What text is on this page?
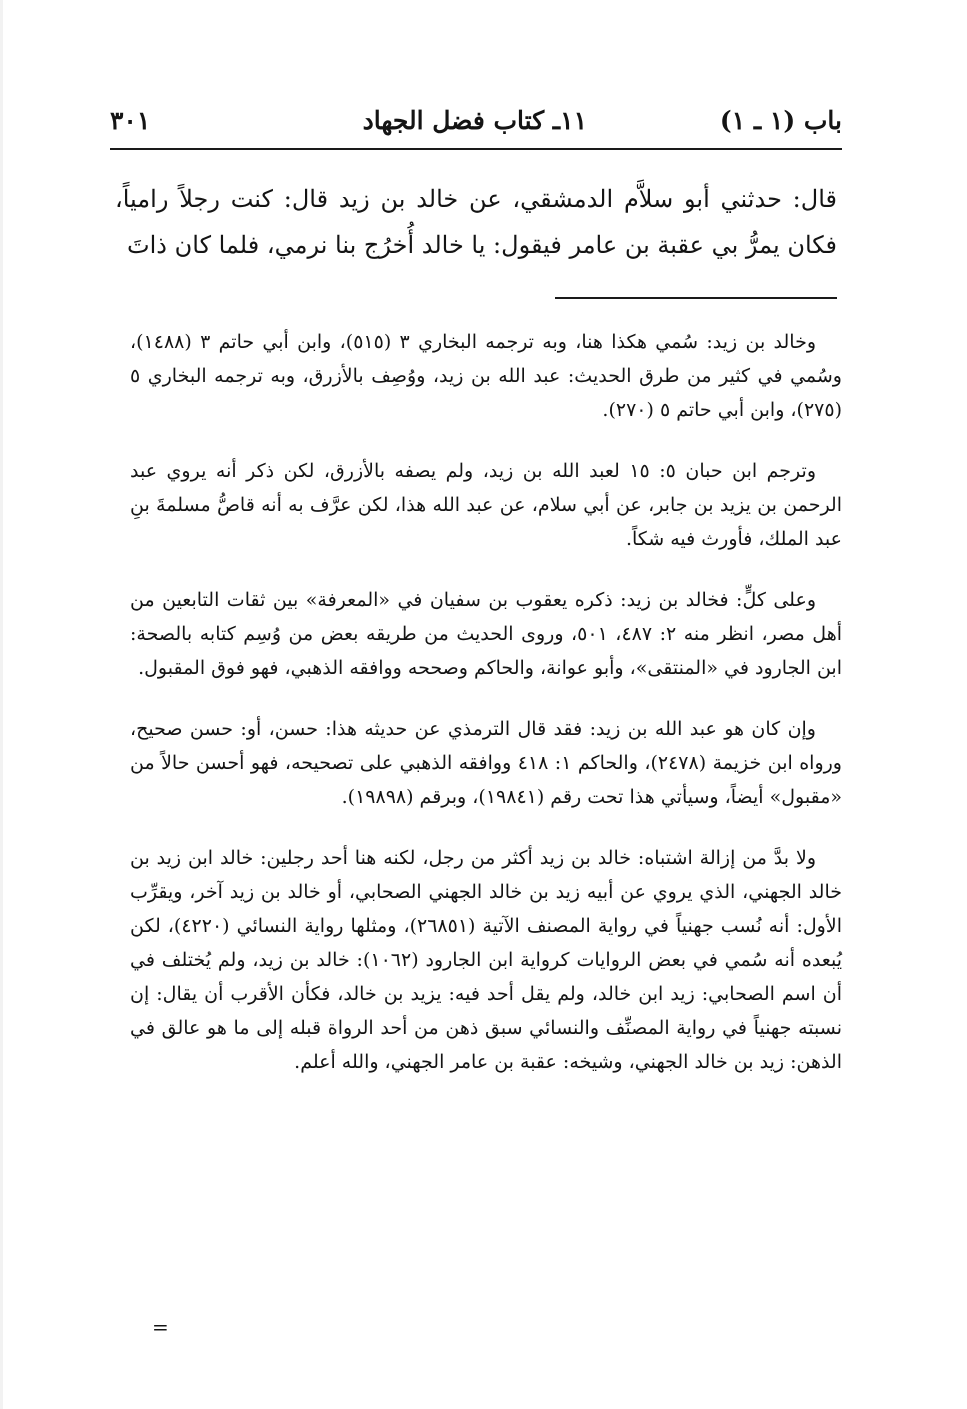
باب (١ ـ ١)
١١ـ كتاب فضل الجهاد
٣٠١

قال: حدثني أبو سلاَّم الدمشقي، عن خالد بن زيد قال: كنت رجلاً رامياً، فكان يمرُّ بي عقبة بن عامر فيقول: يا خالد أُخرُج بنا نرمي، فلما كان ذاتَ

وخالد بن زيد: سُمي هكذا هنا، وبه ترجمه البخاري ٣ (٥١٥)، وابن أبي حاتم ٣ (١٤٨٨)، وسُمي في كثير من طرق الحديث: عبد الله بن زيد، ووُصِف بالأزرق، وبه ترجمه البخاري ٥ (٢٧٥)، وابن أبي حاتم ٥ (٢٧٠).

وترجم ابن حبان ٥: ١٥ لعبد الله بن زيد، ولم يصفه بالأزرق، لكن ذكر أنه يروي عبد الرحمن بن يزيد بن جابر، عن أبي سلام، عن عبد الله هذا، لكن عرَّف به أنه قاصُّ مسلمةَ بنِ عبد الملك، فأورث فيه شكاً.

وعلى كلٍّ: فخالد بن زيد: ذكره يعقوب بن سفيان في «المعرفة» بين ثقات التابعين من أهل مصر، انظر منه ٢: ٤٨٧، ٥٠١، وروى الحديث من طريقه بعض من وُسِم كتابه بالصحة: ابن الجارود في «المنتقى»، وأبو عوانة، والحاكم وصححه ووافقه الذهبي، فهو فوق المقبول.

وإن كان هو عبد الله بن زيد: فقد قال الترمذي عن حديثه هذا: حسن، أو: حسن صحيح، ورواه ابن خزيمة (٢٤٧٨)، والحاكم ١: ٤١٨ ووافقه الذهبي على تصحيحه، فهو أحسن حالاً من «مقبول» أيضاً، وسيأتي هذا تحت رقم (١٩٨٤١)، وبرقم (١٩٨٩٨).

ولا بدَّ من إزالة اشتباه: خالد بن زيد أكثر من رجل، لكنه هنا أحد رجلين: خالد ابن زيد بن خالد الجهني، الذي يروي عن أبيه زيد بن خالد الجهني الصحابي، أو خالد بن زيد آخر، ويقرِّب الأول: أنه نُسب جهنياً في رواية المصنف الآتية (٢٦٨٥١)، ومثلها رواية النسائي (٤٢٢٠)، لكن يُبعده أنه سُمي في بعض الروايات كرواية ابن الجارود (١٠٦٢): خالد بن زيد، ولم يُختلف في أن اسم الصحابي: زيد ابن خالد، ولم يقل أحد فيه: يزيد بن خالد، فكأن الأقرب أن يقال: إن نسبته جهنياً في رواية المصنِّف والنسائي سبق ذهن من أحد الرواة قبله إلى ما هو عالق في الذهن: زيد بن خالد الجهني، وشيخه: عقبة بن عامر الجهني، والله أعلم.

=
